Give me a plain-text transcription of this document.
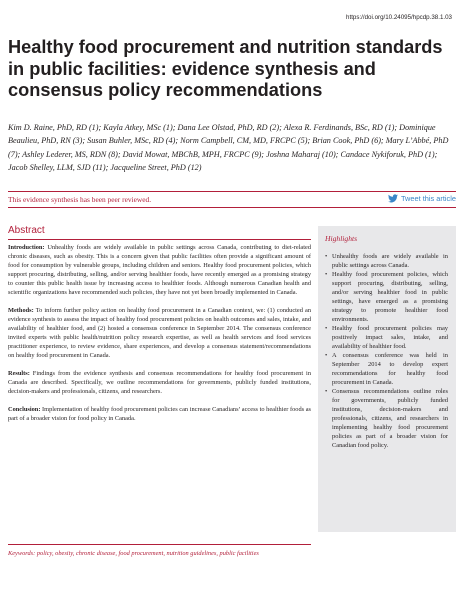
https://doi.org/10.24095/hpcdp.38.1.03
Healthy food procurement and nutrition standards in public facilities: evidence synthesis and consensus policy recommendations
Kim D. Raine, PhD, RD (1); Kayla Atkey, MSc (1); Dana Lee Olstad, PhD, RD (2); Alexa R. Ferdinands, BSc, RD (1); Dominique Beaulieu, PhD, RN (3); Susan Buhler, MSc, RD (4); Norm Campbell, CM, MD, FRCPC (5); Brian Cook, PhD (6); Mary L’Abbé, PhD (7); Ashley Lederer, MS, RDN (8); David Mowat, MBChB, MPH, FRCPC (9); Joshna Maharaj (10); Candace Nykiforuk, PhD (1); Jacob Shelley, LLM, SJD (11); Jacqueline Street, PhD (12)
This evidence synthesis has been peer reviewed.	Tweet this article
Abstract

Introduction: Unhealthy foods are widely available in public settings across Canada, contributing to diet-related chronic diseases, such as obesity. This is a concern given that public facilities often provide a significant amount of food for consumption by vulnerable groups, including children and seniors. Healthy food procurement policies, which support procuring, distributing, selling, and/or serving healthier foods, have recently emerged as a promising strategy to counter this public health issue by increasing access to healthier foods. Although numerous Canadian health and scientific organizations have recommended such policies, they have not yet been broadly implemented in Canada.

Methods: To inform further policy action on healthy food procurement in a Canadian context, we: (1) conducted an evidence synthesis to assess the impact of healthy food procurement policies on health outcomes and sales, intake, and availability of healthier food, and (2) hosted a consensus conference in September 2014. The consensus conference invited experts with public health/nutrition policy research expertise, as well as health services and food services practitioner experience, to review evidence, share experiences, and develop a consensus statement/recommendations on healthy food procurement in Canada.

Results: Findings from the evidence synthesis and consensus recommendations for healthy food procurement in Canada are described. Specifically, we outline recommendations for governments, publicly funded institutions, decision-makers and professionals, citizens, and researchers.

Conclusion: Implementation of healthy food procurement policies can increase Canadians’ access to healthier foods as part of a broader vision for food policy in Canada.

Keywords: policy, obesity, chronic disease, food procurement, nutrition guidelines, public facilities
Highlights
• Unhealthy foods are widely available in public settings across Canada.
• Healthy food procurement policies, which support procuring, distributing, selling, and/or serving healthier food in public settings, have emerged as a promising strategy to promote healthier food environments.
• Healthy food procurement policies may positively impact sales, intake, and availability of healthier food.
• A consensus conference was held in September 2014 to develop expert recommendations for healthy food procurement in Canada.
• Consensus recommendations outline roles for governments, publicly funded institutions, decision-makers and professionals, citizens, and researchers in implementing healthy food procurement policies as part of a broader vision for Canadian food policy.
